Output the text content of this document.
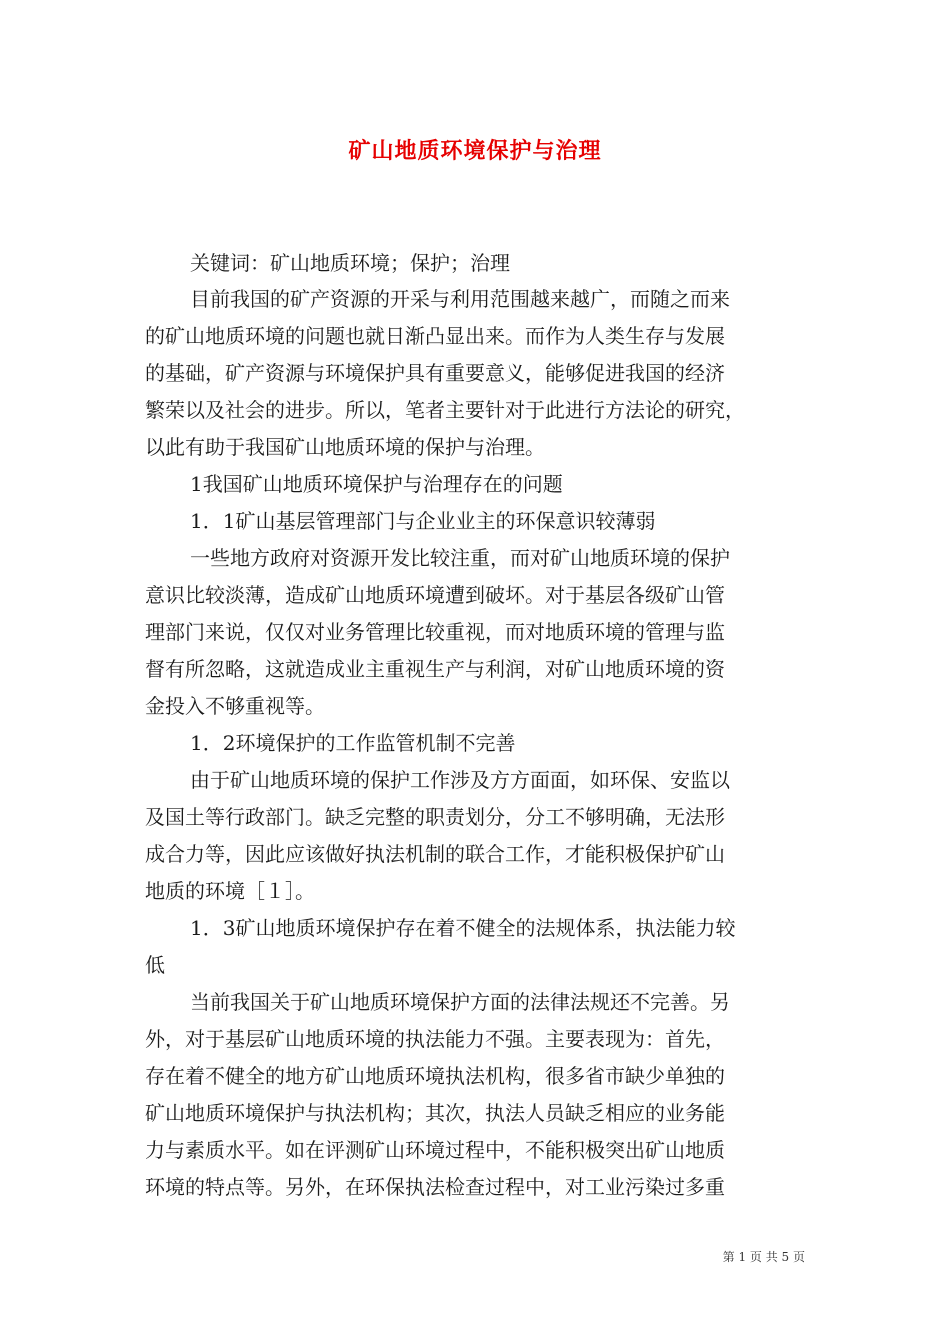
矿山地质环境保护与治理

关键词：矿山地质环境；保护；治理

目前我国的矿产资源的开采与利用范围越来越广，而随之而来

的矿山地质环境的问题也就日渐凸显出来。而作为人类生存与发展

的基础，矿产资源与环境保护具有重要意义，能够促进我国的经济

繁荣以及社会的进步。所以，笔者主要针对于此进行方法论的研究，

以此有助于我国矿山地质环境的保护与治理。

1我国矿山地质环境保护与治理存在的问题

1．1矿山基层管理部门与企业业主的环保意识较薄弱

一些地方政府对资源开发比较注重，而对矿山地质环境的保护

意识比较淡薄，造成矿山地质环境遭到破坏。对于基层各级矿山管

理部门来说，仅仅对业务管理比较重视，而对地质环境的管理与监

督有所忽略，这就造成业主重视生产与利润，对矿山地质环境的资

金投入不够重视等。

1．2环境保护的工作监管机制不完善

由于矿山地质环境的保护工作涉及方方面面，如环保、安监以

及国土等行政部门。缺乏完整的职责划分，分工不够明确，无法形

成合力等，因此应该做好执法机制的联合工作，才能积极保护矿山

地质的环境［１］。

1．3矿山地质环境保护存在着不健全的法规体系，执法能力较

低

当前我国关于矿山地质环境保护方面的法律法规还不完善。另

外，对于基层矿山地质环境的执法能力不强。主要表现为：首先，

存在着不健全的地方矿山地质环境执法机构，很多省市缺少单独的

矿山地质环境保护与执法机构；其次，执法人员缺乏相应的业务能

力与素质水平。如在评测矿山环境过程中，不能积极突出矿山地质

环境的特点等。另外，在环保执法检查过程中，对工业污染过多重

第 1 页 共 5 页
